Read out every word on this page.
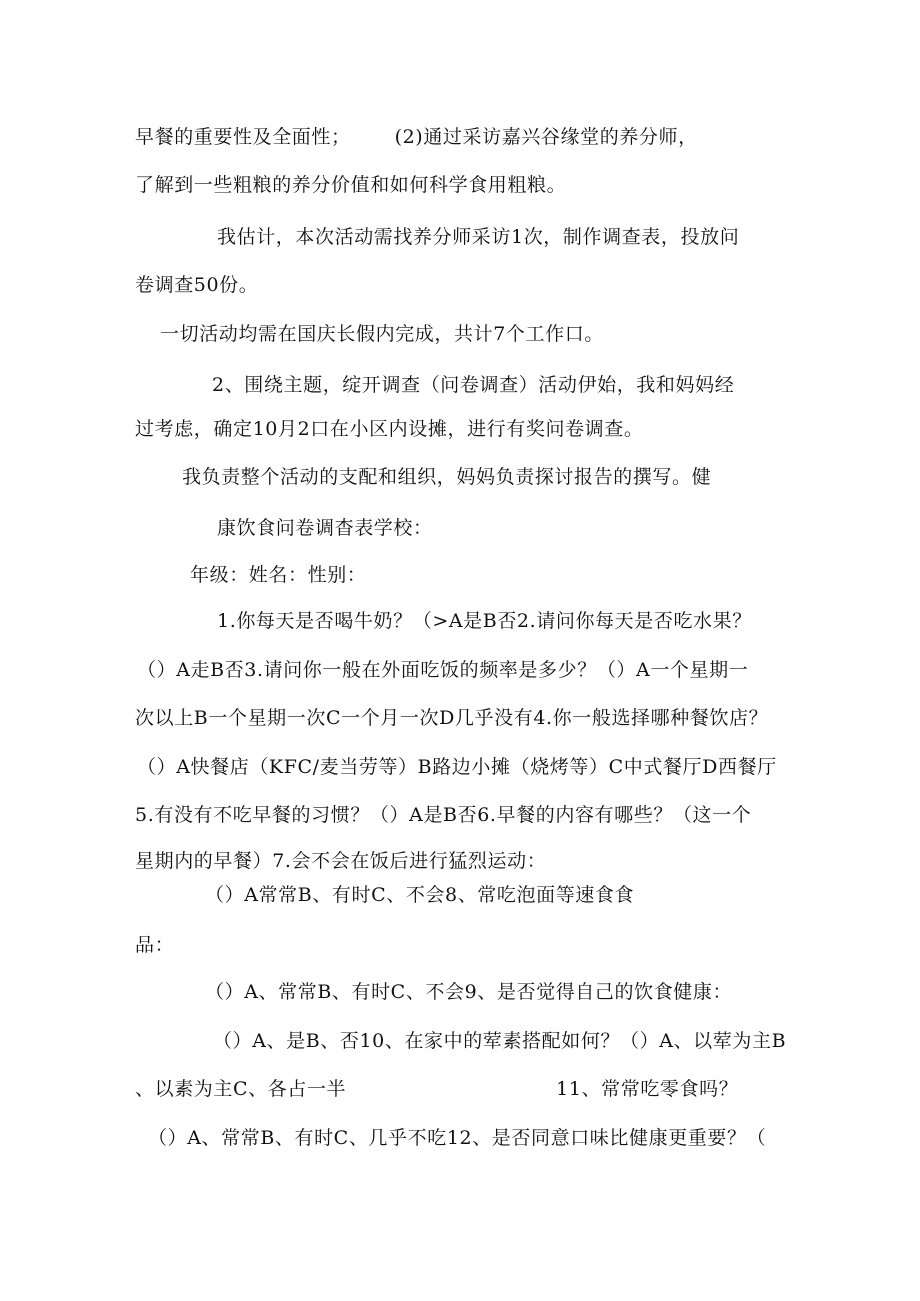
早餐的重要性及全面性； (2)通过采访嘉兴谷缘堂的养分师，
了解到一些粗粮的养分价值和如何科学食用粗粮。
我估计，本次活动需找养分师采访1次，制作调查表，投放问
卷调查50份。
一切活动均需在国庆长假内完成，共计7个工作口。
2、围绕主题，绽开调查（问卷调查）活动伊始，我和妈妈经
过考虑，确定10月2口在小区内设摊，进行有奖问卷调查。
我负责整个活动的支配和组织，妈妈负责探讨报告的撰写。健
康饮食问卷调杳表学校：
年级：姓名：性别：
1.你每天是否喝牛奶？（>A是B否2.请问你每天是否吃水果？
（）A走B否3.请问你一般在外面吃饭的频率是多少？（）A一个星期一
次以上B一个星期一次C一个月一次D几乎没有4.你一般选择哪种餐饮店？
（）A快餐店（KFC/麦当劳等）B路边小摊（烧烤等）C中式餐厅D西餐厅
5.有没有不吃早餐的习惯？（）A是B否6.早餐的内容有哪些？（这一个
星期内的早餐）7.会不会在饭后进行猛烈运动：
（）A常常B、有时C、不会8、常吃泡面等速食食
品：
（）A、常常B、有时C、不会9、是否觉得自己的饮食健康：
（）A、是B、否10、在家中的荤素搭配如何？（）A、以荤为主B
、以素为主C、各占一半	11、常常吃零食吗？
（）A、常常B、有时C、几乎不吃12、是否同意口味比健康更重要？（
